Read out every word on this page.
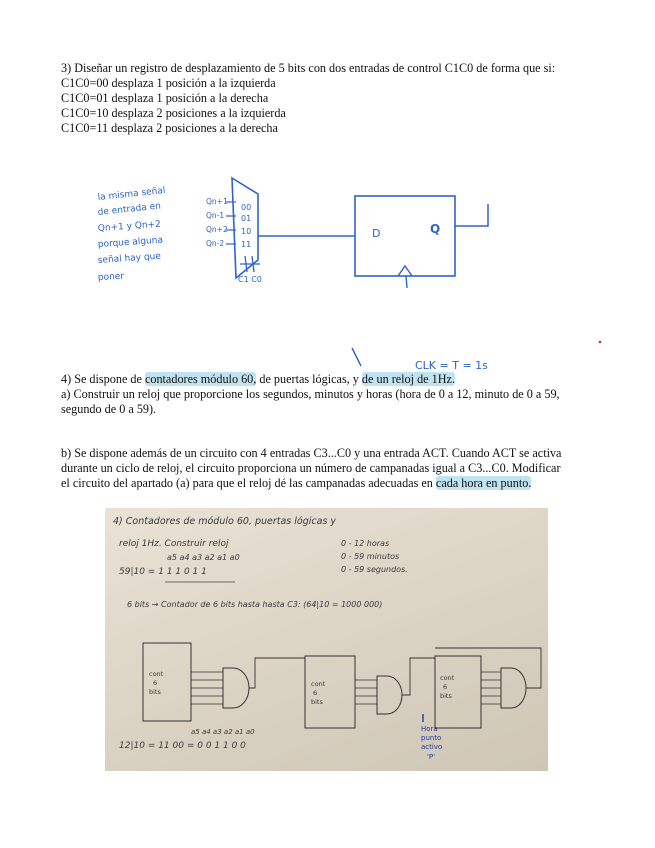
3) Diseñar un registro de desplazamiento de 5 bits con dos entradas de control C1C0 de forma que si:
C1C0=00 desplaza 1 posición a la izquierda
C1C0=01 desplaza 1 posición a la derecha
C1C0=10 desplaza 2 posiciones a la izquierda
C1C0=11 desplaza 2 posiciones a la derecha
la misma señal
de entrada en
Qn+1 y Qn+2
porque alguna
señal hay que
poner
Qn+1
Qn-1
Qn+2
Qn-2
00
01
10
11
C1 C0
D	Q
CLK = T = 1s
4) Se dispone de contadores módulo 60, de puertas lógicas, y de un reloj de 1Hz.
a) Construir un reloj que proporcione los segundos, minutos y horas (hora de 0 a 12, minuto de 0 a 59,
segundo de 0 a 59).
b) Se dispone además de un circuito con 4 entradas C3...C0 y una entrada ACT. Cuando ACT se activa
durante un ciclo de reloj, el circuito proporciona un número de campanadas igual a C3...C0. Modificar
el circuito del apartado (a) para que el reloj dé las campanadas adecuadas en cada hora en punto.
4) Contadores de módulo 60, puertas lógicas y
reloj 1Hz. Construir reloj
a5 a4 a3 a2 a1 a0
59|10 = 1 1 1 0 1 1
0 - 12 horas
0 - 59 minutos
0 - 59 segundos.
6 bits → Contador de 6 bits hasta hasta C3: (64|10 = 1000 000)
cont
6
bits
cont
6
bits
cont
6
bits
Hora
punto
activo
'P'
a5 a4 a3 a2 a1 a0
12|10 = 11 00 = 0 0 1 1 0 0
